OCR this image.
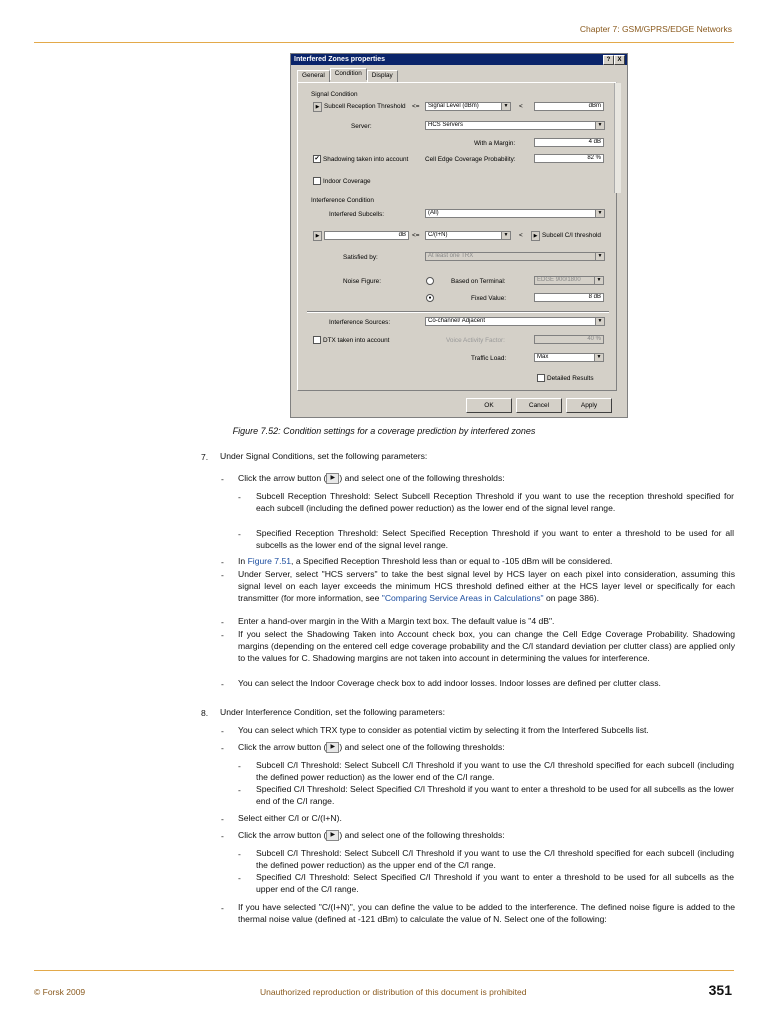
Chapter 7: GSM/GPRS/EDGE Networks
Interfered Zones properties	?	X
General	Condition	Display
Signal Condition
▶ Subcell Reception Threshold <=	Signal Level (dBm)	▼ <	dBm
Server:	HCS Servers	▼
With a Margin:	4 dB
✔ Shadowing taken into account	Cell Edge Coverage Probability:	82 %
Indoor Coverage
Interference Condition
Interfered Subcells:	(All)	▼
▶	dB <=	C/(I+N)	▼ <	▶ Subcell C/I threshold
Satisfied by:	At least one TRX	▼
Noise Figure:	Based on Terminal:	EDGE 900/1800	▼
●	Fixed Value:	8 dB
Interference Sources:	Co-channel/ Adjacent	▼
DTX taken into account	Voice Activity Factor:	40 %
Traffic Load:	Max	▼
Detailed Results
OK	Cancel	Apply
Figure 7.52: Condition settings for a coverage prediction by interfered zones
7. Under Signal Conditions, set the following parameters:
- Click the arrow button ( ▶ ) and select one of the following thresholds:
- Subcell Reception Threshold: Select Subcell Reception Threshold if you want to use the reception threshold specified for each subcell (including the defined power reduction) as the lower end of the signal level range.
- Specified Reception Threshold: Select Specified Reception Threshold if you want to enter a threshold to be used for all subcells as the lower end of the signal level range.
- In Figure 7.51, a Specified Reception Threshold less than or equal to -105 dBm will be considered.
- Under Server, select "HCS servers" to take the best signal level by HCS layer on each pixel into consideration, assuming this signal level on each layer exceeds the minimum HCS threshold defined either at the HCS layer level or specifically for each transmitter (for more information, see "Comparing Service Areas in Calculations" on page 386).
- Enter a hand-over margin in the With a Margin text box. The default value is "4 dB".
- If you select the Shadowing Taken into Account check box, you can change the Cell Edge Coverage Probability. Shadowing margins (depending on the entered cell edge coverage probability and the C/I standard deviation per clutter class) are applied only to the values for C. Shadowing margins are not taken into account in determining the values for interference.
- You can select the Indoor Coverage check box to add indoor losses. Indoor losses are defined per clutter class.
8. Under Interference Condition, set the following parameters:
- You can select which TRX type to consider as potential victim by selecting it from the Interfered Subcells list.
- Click the arrow button ( ▶ ) and select one of the following thresholds:
- Subcell C/I Threshold: Select Subcell C/I Threshold if you want to use the C/I threshold specified for each subcell (including the defined power reduction) as the lower end of the C/I range.
- Specified C/I Threshold: Select Specified C/I Threshold if you want to enter a threshold to be used for all subcells as the lower end of the C/I range.
- Select either C/I or C/(I+N).
- Click the arrow button ( ▶ ) and select one of the following thresholds:
- Subcell C/I Threshold: Select Subcell C/I Threshold if you want to use the C/I threshold specified for each subcell (including the defined power reduction) as the upper end of the C/I range.
- Specified C/I Threshold: Select Specified C/I Threshold if you want to enter a threshold to be used for all subcells as the upper end of the C/I range.
- If you have selected "C/(I+N)", you can define the value to be added to the interference. The defined noise figure is added to the thermal noise value (defined at -121 dBm) to calculate the value of N. Select one of the following:
© Forsk 2009	Unauthorized reproduction or distribution of this document is prohibited	351
